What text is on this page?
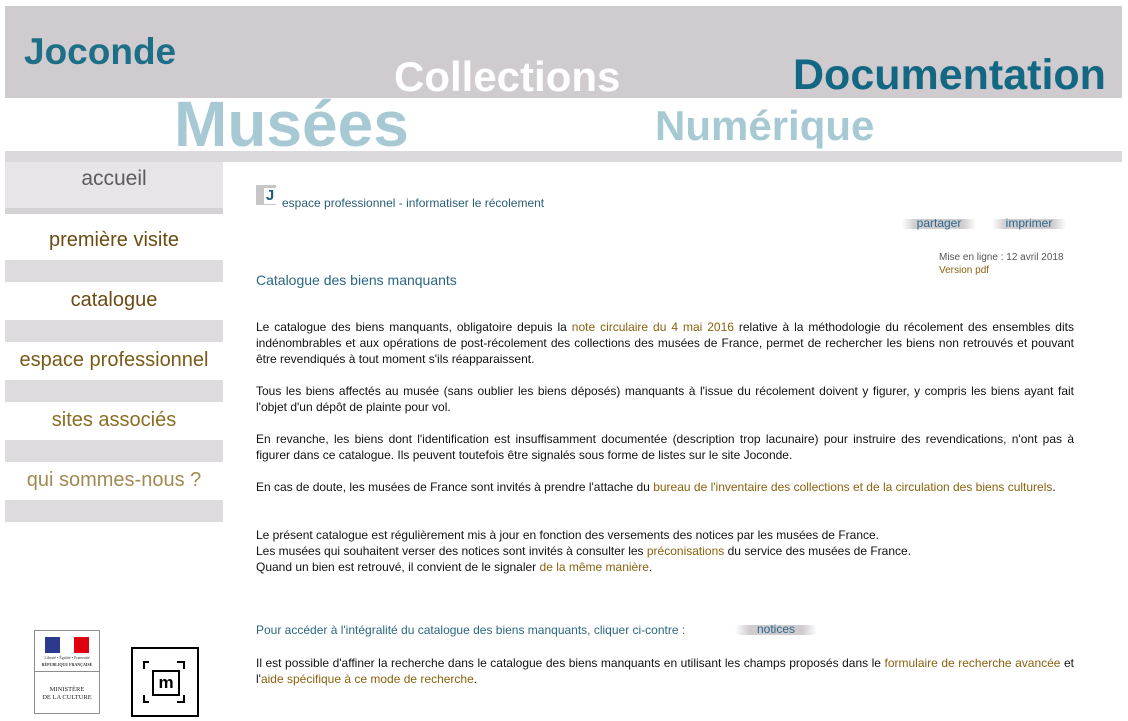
Joconde
Collections	Documentation
Musées	Numérique
accueil
première visite
catalogue
espace professionnel
sites associés
qui sommes-nous ?
Liberté • Égalité • Fraternité
RÉPUBLIQUE FRANÇAISE
MINISTÈRE
DE LA CULTURE
m
J espace professionnel - informatiser le récolement
partager	imprimer
Mise en ligne : 12 avril 2018
Version pdf
Catalogue des biens manquants
Le catalogue des biens manquants, obligatoire depuis la note circulaire du 4 mai 2016 relative à la méthodologie du récolement des ensembles dits indénombrables et aux opérations de post-récolement des collections des musées de France, permet de rechercher les biens non retrouvés et pouvant être revendiqués à tout moment s'ils réapparaissent.
Tous les biens affectés au musée (sans oublier les biens déposés) manquants à l'issue du récolement doivent y figurer, y compris les biens ayant fait l'objet d'un dépôt de plainte pour vol.
En revanche, les biens dont l'identification est insuffisamment documentée (description trop lacunaire) pour instruire des revendications, n'ont pas à figurer dans ce catalogue. Ils peuvent toutefois être signalés sous forme de listes sur le site Joconde.
En cas de doute, les musées de France sont invités à prendre l'attache du bureau de l'inventaire des collections et de la circulation des biens culturels.
Le présent catalogue est régulièrement mis à jour en fonction des versements des notices par les musées de France.
Les musées qui souhaitent verser des notices sont invités à consulter les préconisations du service des musées de France.
Quand un bien est retrouvé, il convient de le signaler de la même manière.
Pour accéder à l'intégralité du catalogue des biens manquants, cliquer ci-contre :	notices
Il est possible d'affiner la recherche dans le catalogue des biens manquants en utilisant les champs proposés dans le formulaire de recherche avancée et l'aide spécifique à ce mode de recherche.
